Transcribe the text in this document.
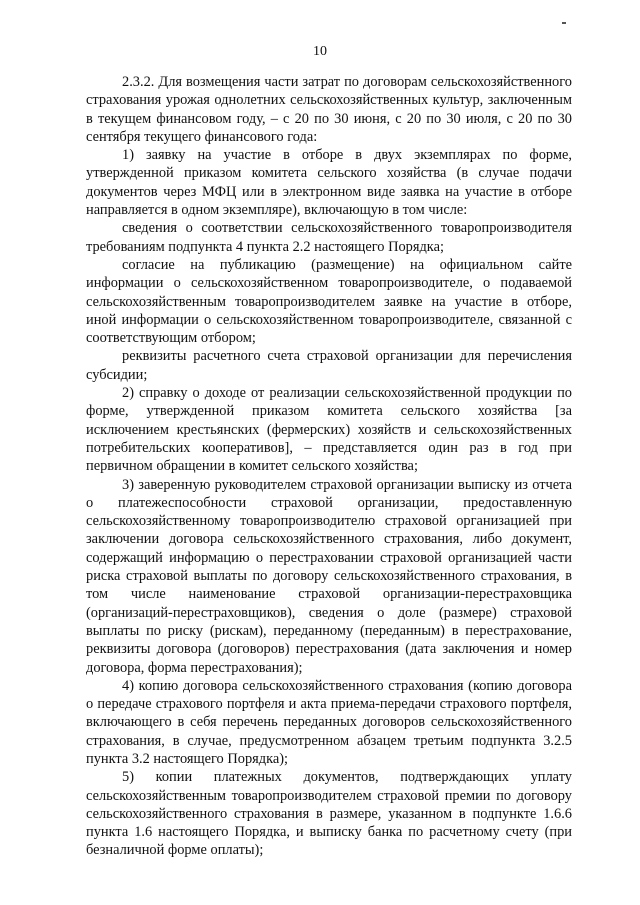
10

2.3.2. Для возмещения части затрат по договорам сельскохозяйственного страхования урожая однолетних сельскохозяйственных культур, заключенным в текущем финансовом году, – с 20 по 30 июня, с 20 по 30 июля, с 20 по 30 сентября текущего финансового года:

1) заявку на участие в отборе в двух экземплярах по форме, утвержденной приказом комитета сельского хозяйства (в случае подачи документов через МФЦ или в электронном виде заявка на участие в отборе направляется в одном экземпляре), включающую в том числе:

сведения о соответствии сельскохозяйственного товаропроизводителя требованиям подпункта 4 пункта 2.2 настоящего Порядка;

согласие на публикацию (размещение) на официальном сайте информации о сельскохозяйственном товаропроизводителе, о подаваемой сельскохозяйственным товаропроизводителем заявке на участие в отборе, иной информации о сельскохозяйственном товаропроизводителе, связанной с соответствующим отбором;

реквизиты расчетного счета страховой организации для перечисления субсидии;

2) справку о доходе от реализации сельскохозяйственной продукции по форме, утвержденной приказом комитета сельского хозяйства [за исключением крестьянских (фермерских) хозяйств и сельскохозяйственных потребительских кооперативов], – представляется один раз в год при первичном обращении в комитет сельского хозяйства;

3) заверенную руководителем страховой организации выписку из отчета о платежеспособности страховой организации, предоставленную сельскохозяйственному товаропроизводителю страховой организацией при заключении договора сельскохозяйственного страхования, либо документ, содержащий информацию о перестраховании страховой организацией части риска страховой выплаты по договору сельскохозяйственного страхования, в том числе наименование страховой организации-перестраховщика (организаций-перестраховщиков), сведения о доле (размере) страховой выплаты по риску (рискам), переданному (переданным) в перестрахование, реквизиты договора (договоров) перестрахования (дата заключения и номер договора, форма перестрахования);

4) копию договора сельскохозяйственного страхования (копию договора о передаче страхового портфеля и акта приема-передачи страхового портфеля, включающего в себя перечень переданных договоров сельскохозяйственного страхования, в случае, предусмотренном абзацем третьим подпункта 3.2.5 пункта 3.2 настоящего Порядка);

5) копии платежных документов, подтверждающих уплату сельскохозяйственным товаропроизводителем страховой премии по договору сельскохозяйственного страхования в размере, указанном в подпункте 1.6.6 пункта 1.6 настоящего Порядка, и выписку банка по расчетному счету (при безналичной форме оплаты);
